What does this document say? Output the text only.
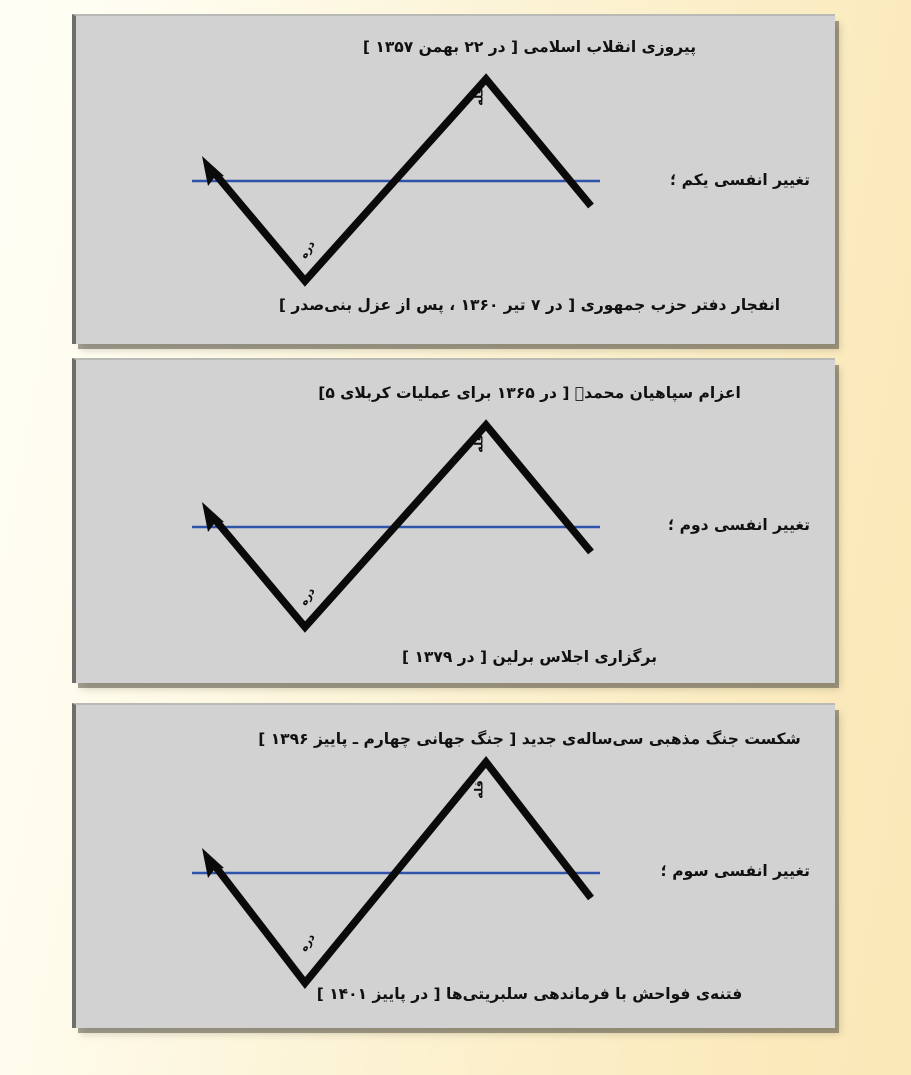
پیروزی انقلاب اسلامی [ در ۲۲ بهمن ۱۳۵۷ ]
انفجار دفتر حزب جمهوری [ در ۷ تیر ۱۳۶۰ ، پس از عزل بنی‌صدر ]
تغییر انفسی یکم ؛
قله
دره
اعزام سپاهیان محمدؐ [ در ۱۳۶۵ برای عملیات کربلای ۵]
برگزاری اجلاس برلین [ در ۱۳۷۹ ]
تغییر انفسی دوم ؛
قله
دره
شکست جنگ مذهبی سی‌ساله‌ی جدید [ جنگ جهانی چهارم ـ پاییز ۱۳۹۶ ]
فتنه‌ی فواحش با فرماندهی سلبریتی‌ها [ در پاییز ۱۴۰۱ ]
تغییر انفسی سوم ؛
قله
دره
